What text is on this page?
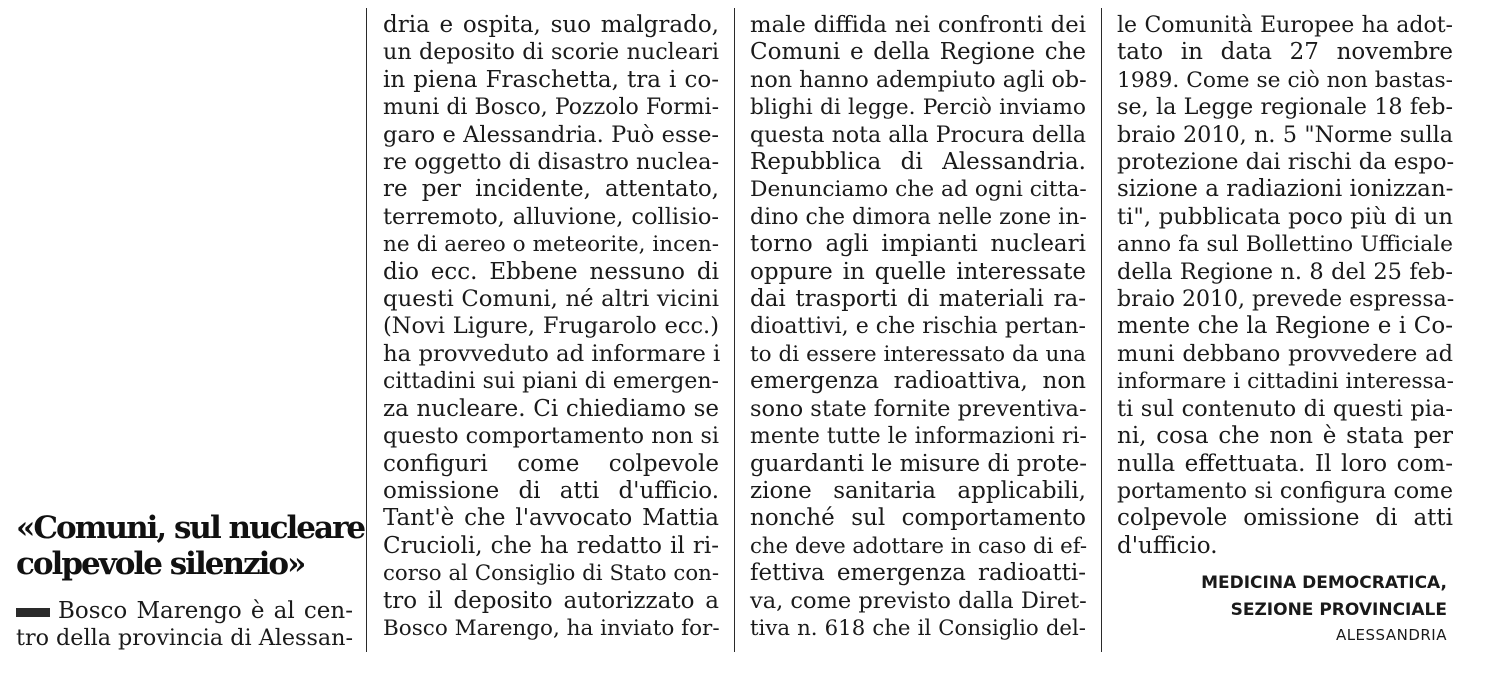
«Comuni, sul nucleare
colpevole silenzio»
Bosco Marengo è al cen-
tro della provincia di Alessan-
dria e ospita, suo malgrado,
un deposito di scorie nucleari
in piena Fraschetta, tra i co-
muni di Bosco, Pozzolo Formi-
garo e Alessandria. Può esse-
re oggetto di disastro nuclea-
re per incidente, attentato,
terremoto, alluvione, collisio-
ne di aereo o meteorite, incen-
dio ecc. Ebbene nessuno di
questi Comuni, né altri vicini
(Novi Ligure, Frugarolo ecc.)
ha provveduto ad informare i
cittadini sui piani di emergen-
za nucleare. Ci chiediamo se
questo comportamento non si
configuri come colpevole
omissione di atti d'ufficio.
Tant'è che l'avvocato Mattia
Crucioli, che ha redatto il ri-
corso al Consiglio di Stato con-
tro il deposito autorizzato a
Bosco Marengo, ha inviato for-
male diffida nei confronti dei
Comuni e della Regione che
non hanno adempiuto agli ob-
blighi di legge. Perciò inviamo
questa nota alla Procura della
Repubblica di Alessandria.
Denunciamo che ad ogni citta-
dino che dimora nelle zone in-
torno agli impianti nucleari
oppure in quelle interessate
dai trasporti di materiali ra-
dioattivi, e che rischia pertan-
to di essere interessato da una
emergenza radioattiva, non
sono state fornite preventiva-
mente tutte le informazioni ri-
guardanti le misure di prote-
zione sanitaria applicabili,
nonché sul comportamento
che deve adottare in caso di ef-
fettiva emergenza radioatti-
va, come previsto dalla Diret-
tiva n. 618 che il Consiglio del-
le Comunità Europee ha adot-
tato in data 27 novembre
1989. Come se ciò non bastas-
se, la Legge regionale 18 feb-
braio 2010, n. 5 "Norme sulla
protezione dai rischi da espo-
sizione a radiazioni ionizzan-
ti", pubblicata poco più di un
anno fa sul Bollettino Ufficiale
della Regione n. 8 del 25 feb-
braio 2010, prevede espressa-
mente che la Regione e i Co-
muni debbano provvedere ad
informare i cittadini interessa-
ti sul contenuto di questi pia-
ni, cosa che non è stata per
nulla effettuata. Il loro com-
portamento si configura come
colpevole omissione di atti
d'ufficio.
MEDICINA DEMOCRATICA,
SEZIONE PROVINCIALE
ALESSANDRIA
